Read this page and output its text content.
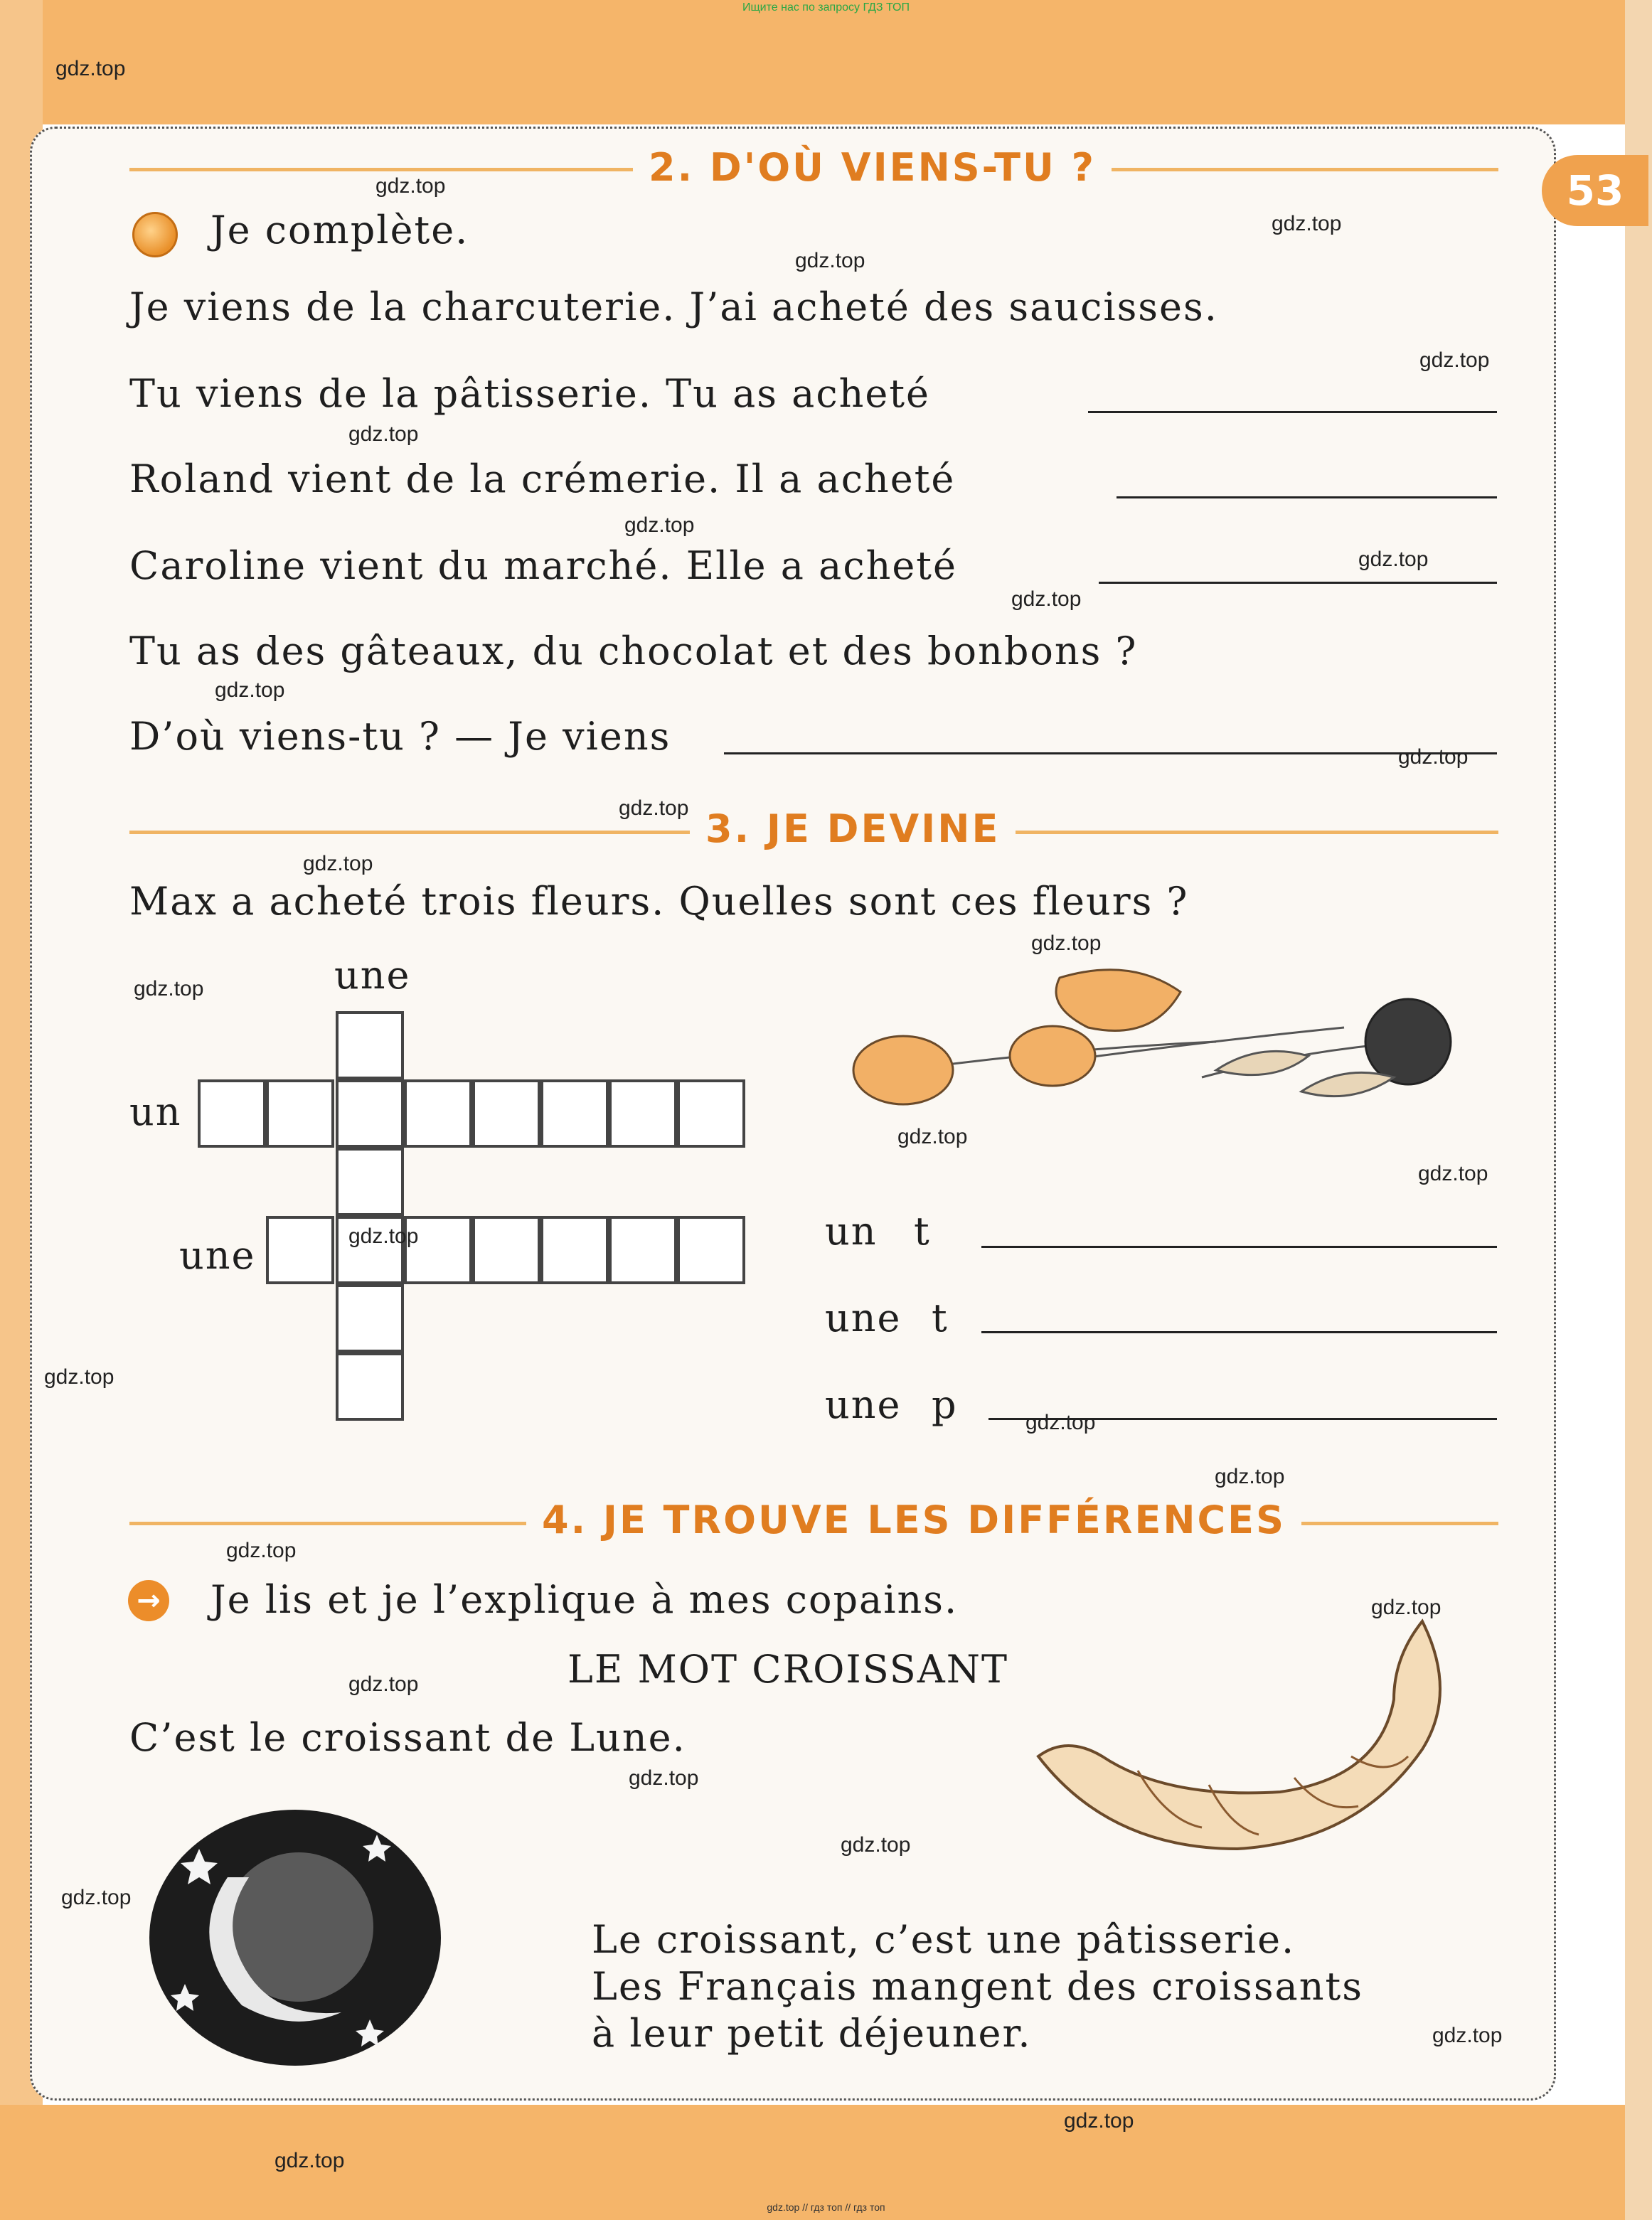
Ищите нас по запросу ГДЗ ТОП
53
2. D'OÙ VIENS-TU ?
Je complète.
Je viens de la charcuterie. J’ai acheté des saucisses.
Tu viens de la pâtisserie. Tu as acheté
Roland vient de la crémerie. Il a acheté
Caroline vient du marché. Elle a acheté
Tu as des gâteaux, du chocolat et des bonbons ?
D’où viens-tu ? — Je viens
3. JE DEVINE
Max a acheté trois fleurs. Quelles sont ces fleurs ?
une
un
une
un t
une t
une p
4. JE TROUVE LES DIFFÉRENCES
→ Je lis et je l’explique à mes copains.
LE MOT CROISSANT
C’est le croissant de Lune.
Le croissant, c’est une pâtisserie.
Les Français mangent des croissants
à leur petit déjeuner.
gdz.top
gdz.top
gdz.top
gdz.top
gdz.top
gdz.top
gdz.top
gdz.top
gdz.top
gdz.top
gdz.top
gdz.top
gdz.top
gdz.top
gdz.top
gdz.top
gdz.top
gdz.top
gdz.top
gdz.top
gdz.top
gdz.top
gdz.top
gdz.top
gdz.top
gdz.top
gdz.top
gdz.top
gdz.top
gdz.top
gdz.top // гдз топ // гдз топ
